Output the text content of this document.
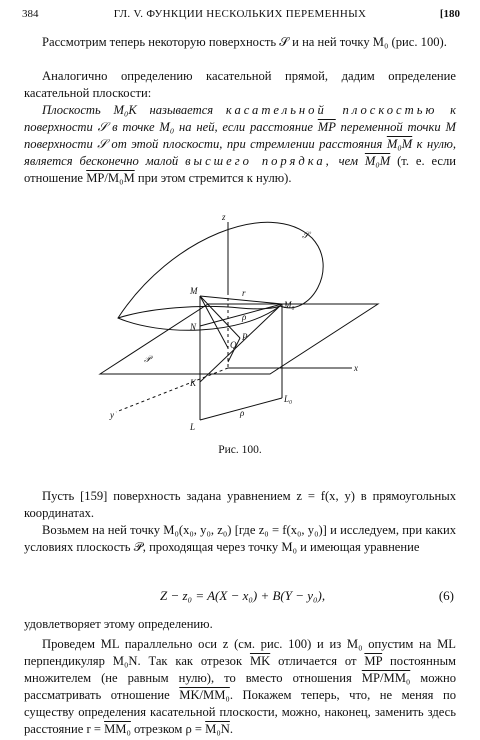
384	ГЛ. V. ФУНКЦИИ НЕСКОЛЬКИХ ПЕРЕМЕННЫХ	[180

Рассмотрим теперь некоторую поверхность 𝒮 и на ней точку M₀ (рис. 100).

Аналогично определению касательной прямой, дадим определение касательной плоскости:

Плоскость M₀K называется касательной плоскостью к поверхности 𝒮 в точке M₀ на ней, если расстояние $\overline{MP}$ переменной точки M поверхности 𝒮 от этой плоскости, при стремлении расстояния M₀M к нулю, является бесконечно малой высшего порядка, чем M₀M (т. е. если отношение MP/M₀M при этом стремится к нулю).

z
x
y
𝒮
𝒫
M
M₀
N
K
L
L₀
Q
P
r
ρ
ρ
Рис. 100.

Пусть [159] поверхность задана уравнением z = f(x, y) в прямоугольных координатах.

Возьмем на ней точку M₀(x₀, y₀, z₀) [где z₀ = f(x₀, y₀)] и исследуем, при каких условиях плоскость 𝒫, проходящая через точку M₀ и имеющая уравнение

Z − z₀ = A(X − x₀) + B(Y − y₀),	(6)

удовлетворяет этому определению.

Проведем ML параллельно оси z (см. рис. 100) и из M₀ опустим на ML перпендикуляр M₀N. Так как отрезок $\overline{MK}$ отличается от $\overline{MP}$ постоянным множителем (не равным нулю), то вместо отношения MP/MM₀ можно рассматривать отношение MK/MM₀. Покажем теперь, что, не меняя по существу определения касательной плоскости, можно, наконец, заменить здесь расстояние r = MM₀ отрезком ρ = M₀N.
